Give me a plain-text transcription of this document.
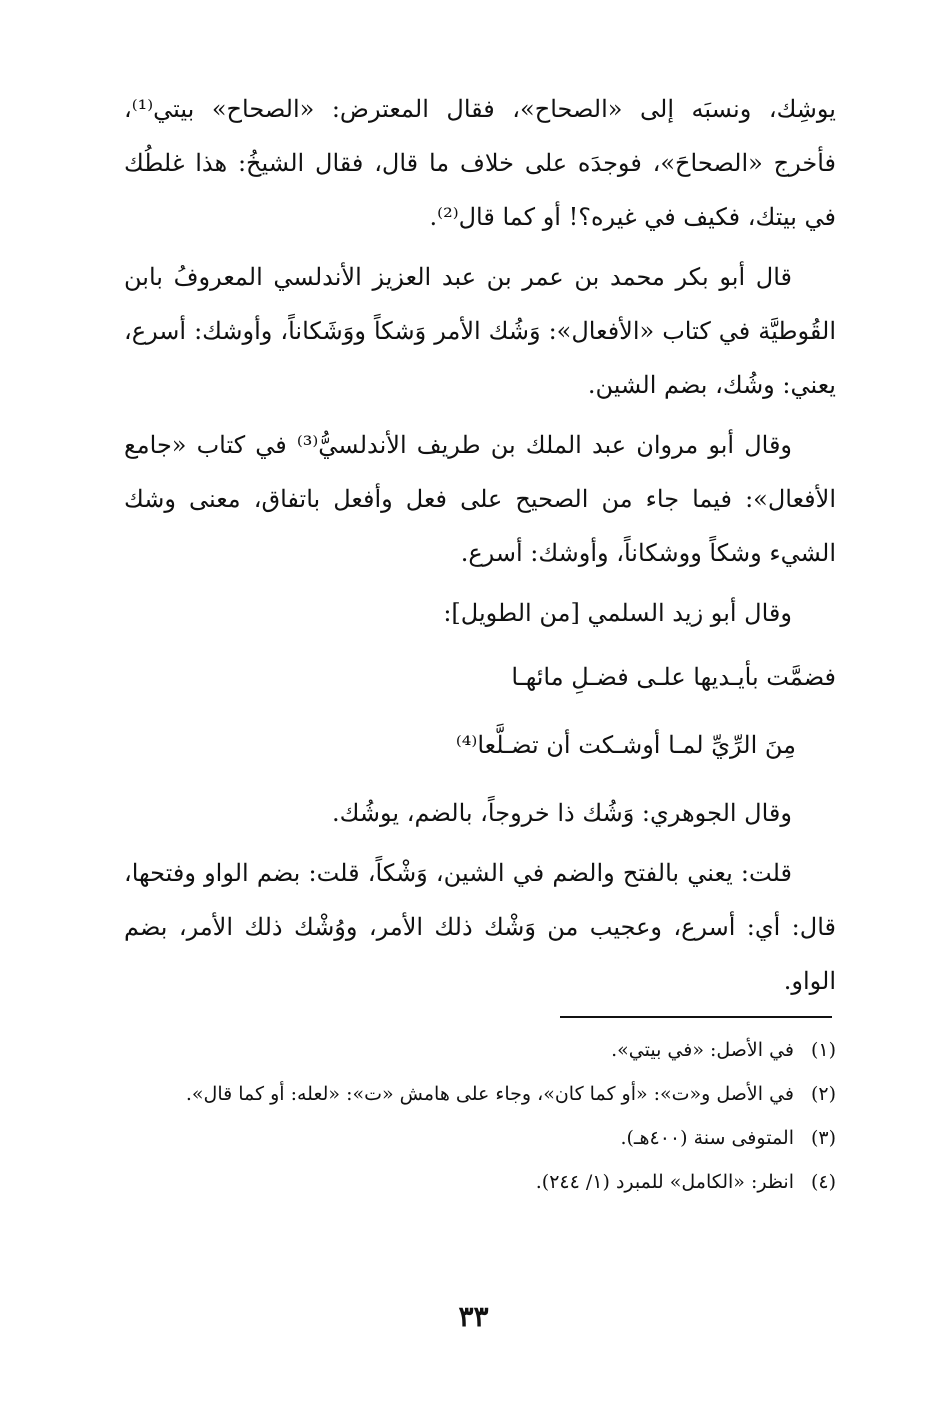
يوشِك، ونسبَه إلى «الصحاح»، فقال المعترض: «الصحاح» بيتي⁽¹⁾، فأخرج «الصحاحَ»، فوجدَه على خلاف ما قال، فقال الشيخُ: هذا غلطُك في بيتك، فكيف في غيره؟! أو كما قال⁽²⁾.

قال أبو بكر محمد بن عمر بن عبد العزيز الأندلسي المعروفُ بابن القُوطيَّة في كتاب «الأفعال»: وَشُك الأمر وَشكاً ووَشَكاناً، وأوشك: أسرع، يعني: وشُك، بضم الشين.

وقال أبو مروان عبد الملك بن طريف الأندلسيُّ⁽³⁾ في كتاب «جامع الأفعال»: فيما جاء من الصحيح على فعل وأفعل باتفاق، معنى وشك الشيء وشكاً ووشكاناً، وأوشك: أسرع.

وقال أبو زيد السلمي [من الطويل]:

فضمَّت بأيـديها علـى فضـلِ مائهـا
مِنَ الرِّيِّ لمـا أوشـكت أن تضـلَّعا⁽⁴⁾

وقال الجوهري: وَشُك ذا خروجاً، بالضم، يوشُك.

قلت: يعني بالفتح والضم في الشين، وَشْكاً، قلت: بضم الواو وفتحها، قال: أي: أسرع، وعجيب من وَشْك ذلك الأمر، ووُشْك ذلك الأمر، بضم الواو.

(١)
في الأصل: «في بيتي».
(٢)
في الأصل و«ت»: «أو كما كان»، وجاء على هامش «ت»: «لعله: أو كما قال».
(٣)
المتوفى سنة (٤٠٠هـ).
(٤)
انظر: «الكامل» للمبرد (١/ ٢٤٤).
٣٣
